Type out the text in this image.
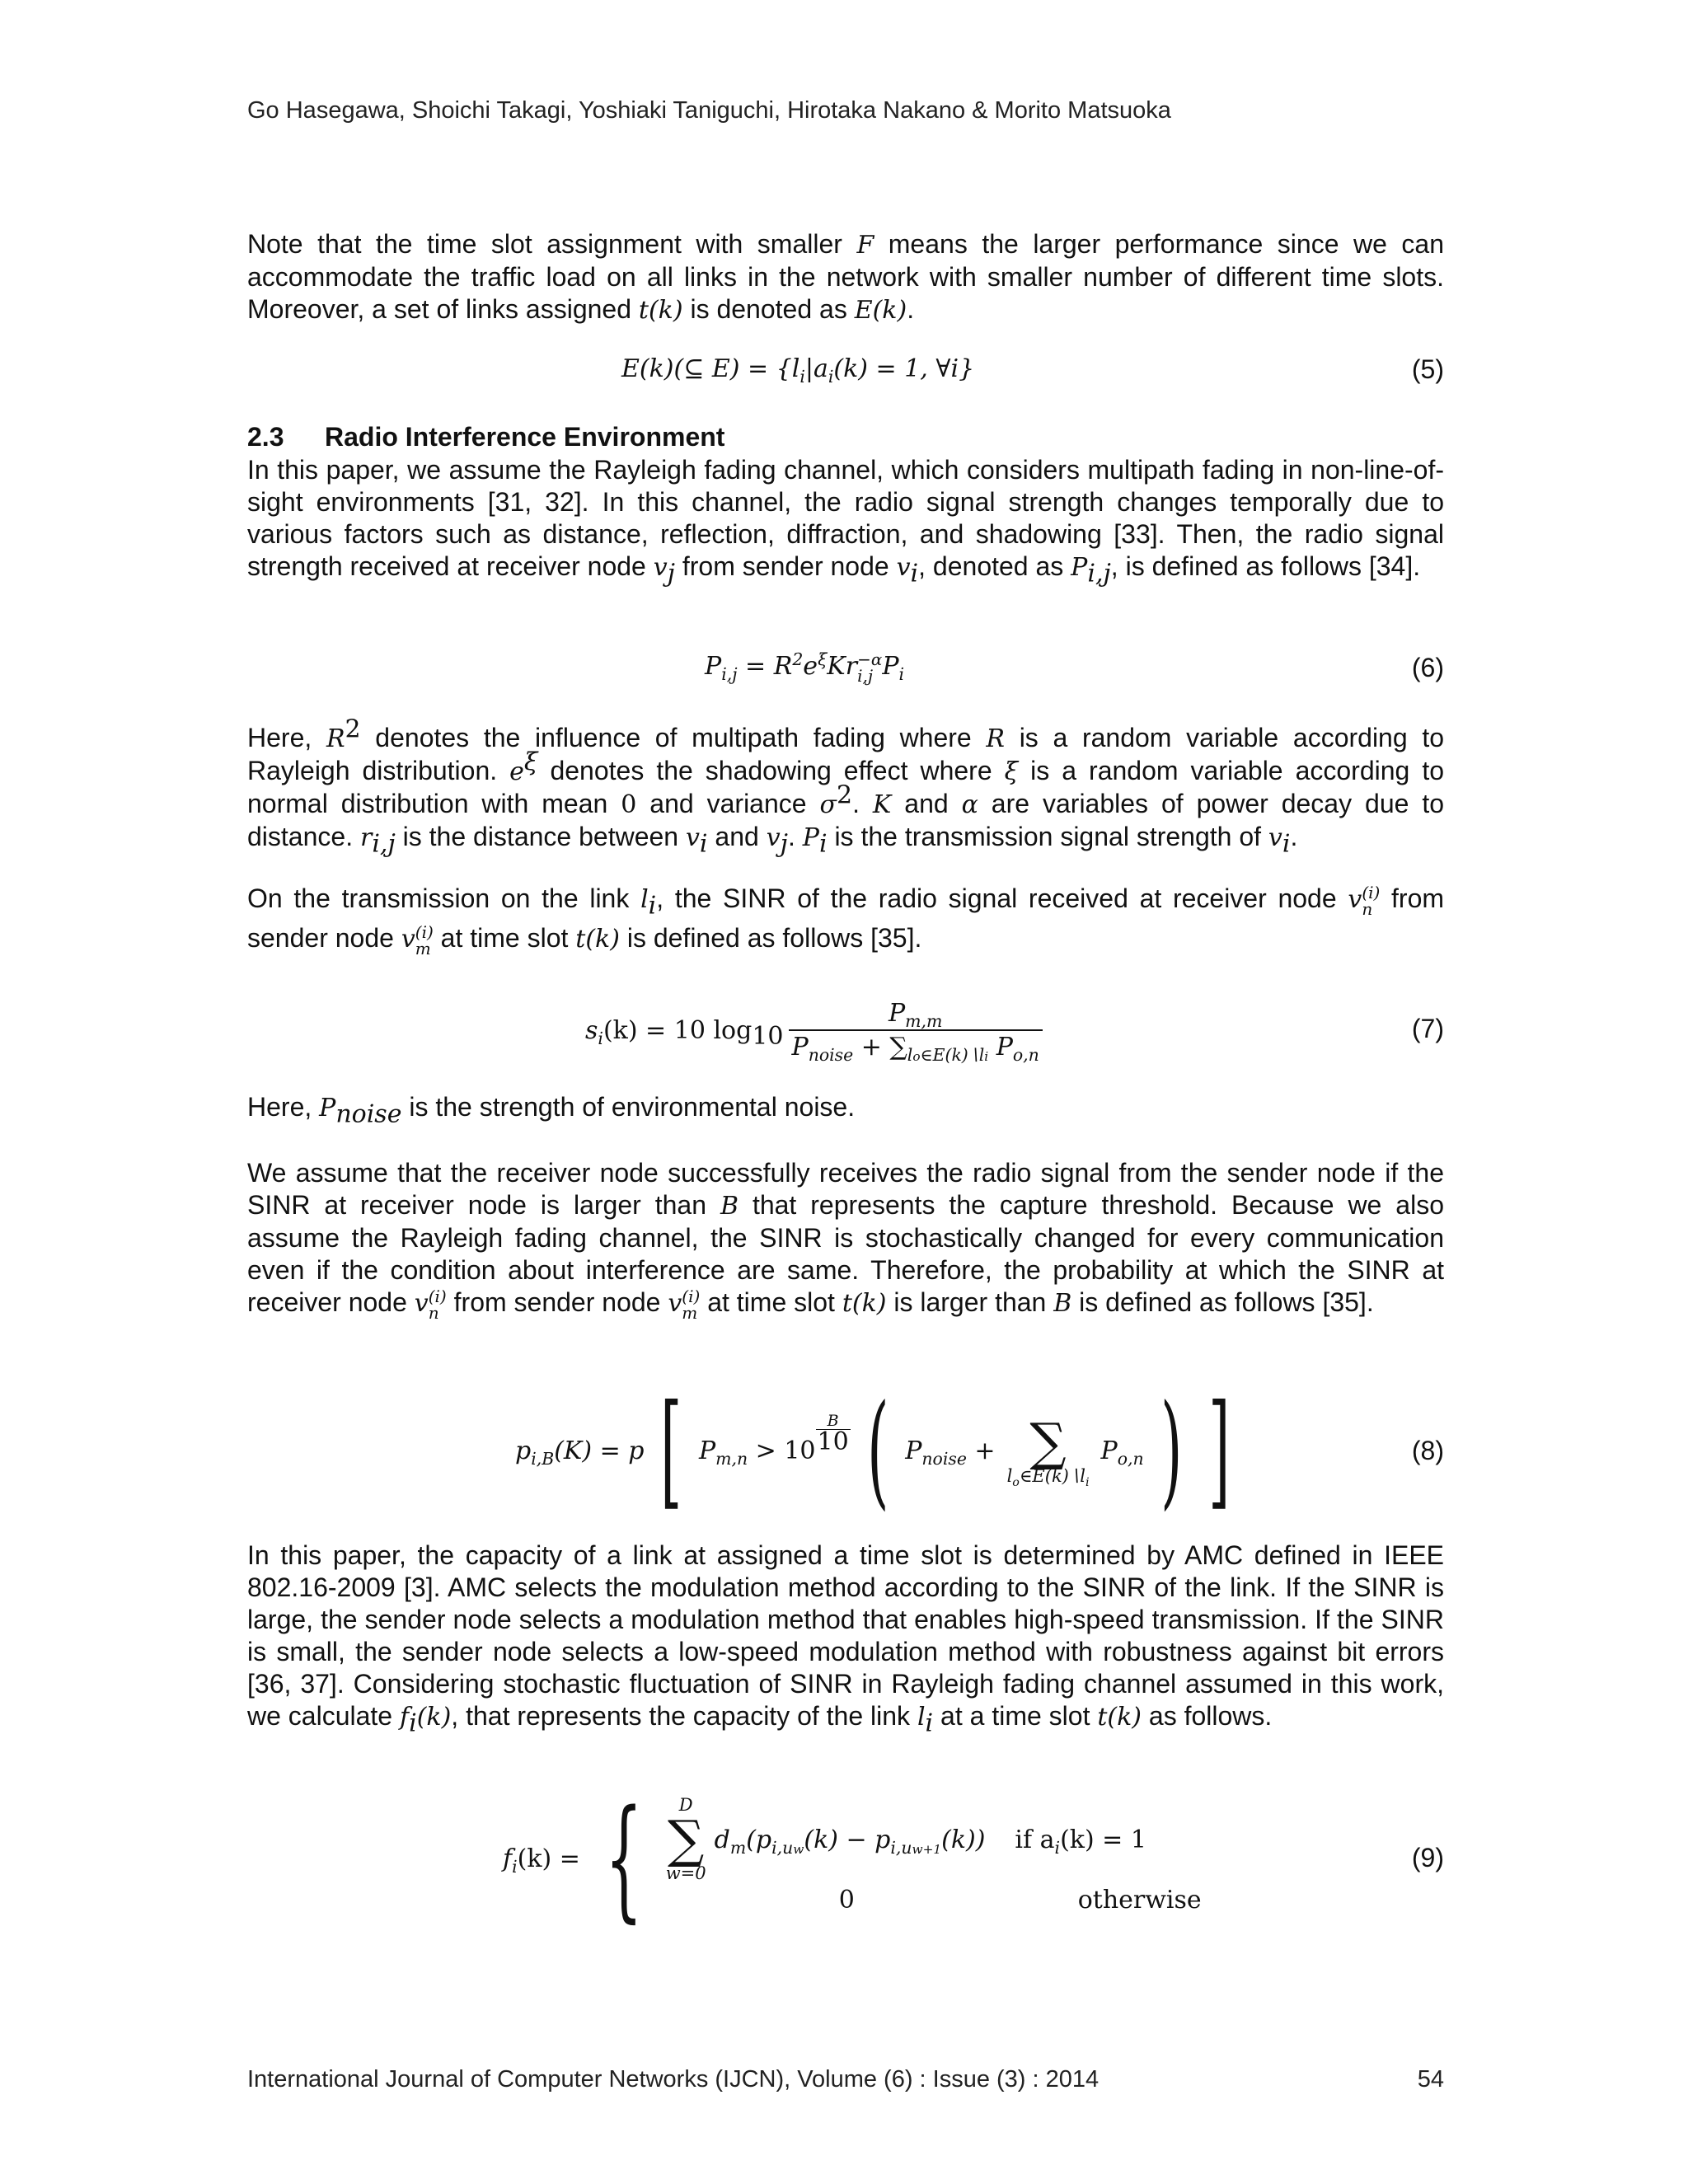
Go Hasegawa, Shoichi Takagi, Yoshiaki Taniguchi, Hirotaka Nakano & Morito Matsuoka

Note that the time slot assignment with smaller F means the larger performance since we can accommodate the traffic load on all links in the network with smaller number of different time slots. Moreover, a set of links assigned t(k) is denoted as E(k).

E(k)(⊆ $E) = \{l_i|a_i(k) = 1$, ∀i}	(5)
2.3 Radio Interference Environment

In this paper, we assume the Rayleigh fading channel, which considers multipath fading in non-line-of-sight environments [31, 32]. In this channel, the radio signal strength changes temporally due to various factors such as distance, reflection, diffraction, and shadowing [33]. Then, the radio signal strength received at receiver node $v_j$ from sender node $v_i$, denoted as $P_{i,j}$, is defined as follows [34].

$P_{i,j} = R^2e^\xi Kr -\alpha$
i,j $P_i$	(6)

Here, $R^2$ denotes the influence of multipath fading where R is a random variable according to Rayleigh distribution. $e^\xi$ denotes the shadowing effect where ξ is a random variable according to normal distribution with mean 0 and variance $\sigma^2$. K and α are variables of power decay due to distance. $r_{i,j}$ is the distance between $v_i$ and $v_j$. $P_i$ is the transmission signal strength of $v_i$.

On the transmission on the link $l_i$, the SINR of the radio signal received at receiver node v (i)
n from sender node v (i)
m at time slot t(k) is defined as follows [35].

$s_i(k) = 10$ $\log_{10} \frac{P_{m,m}}{P_{noise} + \sum_{lo\in E(k)∖li} P_{o,n}}$	(7)

Here, $P_{noise}$ is the strength of environmental noise.

We assume that the receiver node successfully receives the radio signal from the sender node if the SINR at receiver node is larger than B that represents the capture threshold. Because we also assume the Rayleigh fading channel, the SINR is stochastically changed for every communication even if the condition about interference are same. Therefore, the probability at which the SINR at receiver node v (i)
n from sender node v (i)
m at time slot t(k) is larger than B is defined as follows [35].

$p_{i,B}(K) = p$ [ $P_{m,n} > 10$
B
10 ( $P_{noise}$ + ∑
$l_o\in E(k)∖l_i$
$P_{o,n}$ ) ]	(8)

In this paper, the capacity of a link at assigned a time slot is determined by AMC defined in IEEE 802.16-2009 [3]. AMC selects the modulation method according to the SINR of the link. If the SINR is large, the sender node selects a modulation method that enables high-speed transmission. If the SINR is small, the sender node selects a low-speed modulation method with robustness against bit errors [36, 37]. Considering stochastic fluctuation of SINR in Rayleigh fading channel assumed in this work, we calculate $f_i(k)$, that represents the capacity of the link $l_i$ at a time slot t(k) as follows.

$f_i(k)$ = {	D
∑
w=0
$d_m(p_{i,uw}(k) - p_{i,uw+1}(k))$ if $a_i(k) = 1$
0	otherwise
(9)
International Journal of Computer Networks (IJCN), Volume (6) : Issue (3) : 2014	54
